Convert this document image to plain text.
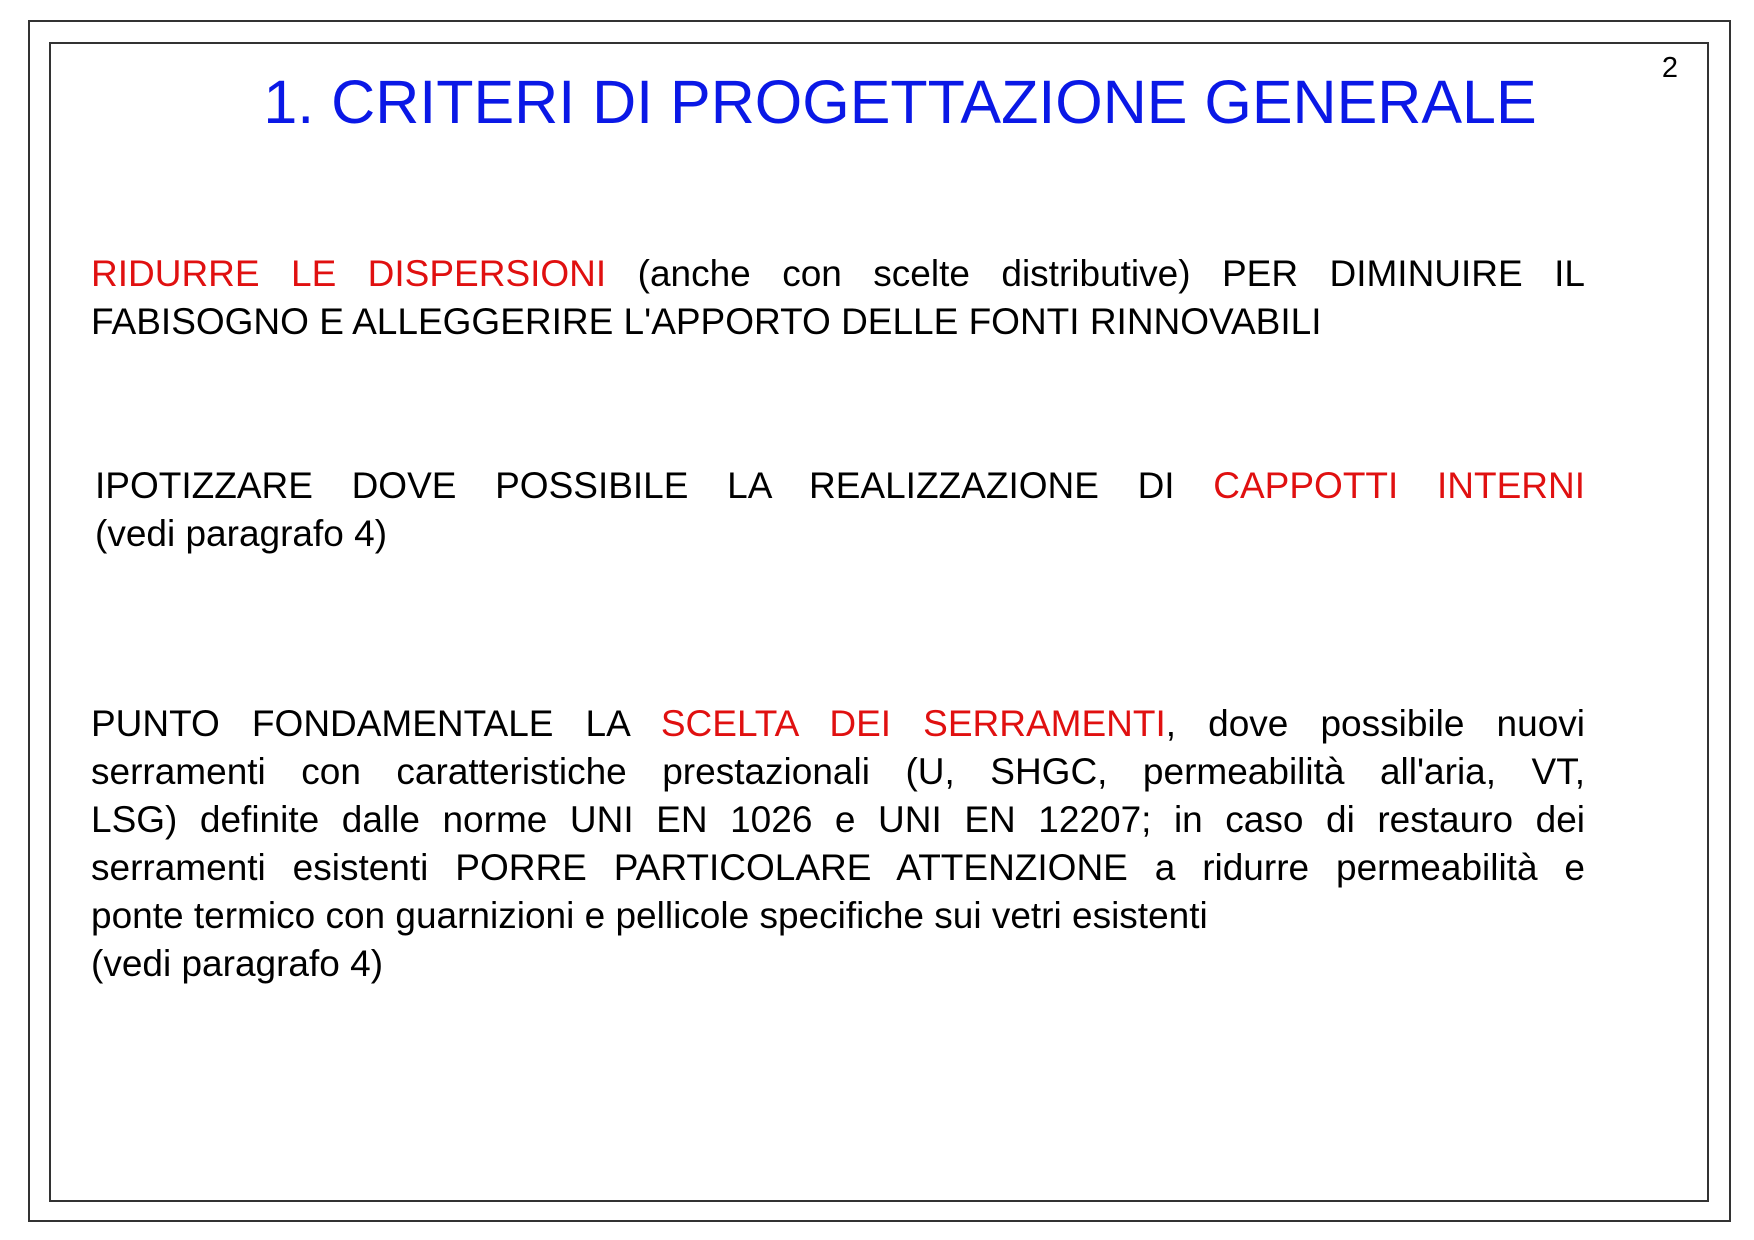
2
1. CRITERI DI PROGETTAZIONE GENERALE
RIDURRE LE DISPERSIONI (anche con scelte distributive) PER DIMINUIRE IL
FABISOGNO E ALLEGGERIRE L'APPORTO DELLE FONTI RINNOVABILI
IPOTIZZARE DOVE POSSIBILE LA REALIZZAZIONE DI CAPPOTTI INTERNI
(vedi paragrafo 4)
PUNTO FONDAMENTALE LA SCELTA DEI SERRAMENTI, dove possibile nuovi
serramenti con caratteristiche prestazionali (U, SHGC, permeabilità all'aria, VT,
LSG) definite dalle norme UNI EN 1026 e UNI EN 12207; in caso di restauro dei
serramenti esistenti PORRE PARTICOLARE ATTENZIONE a ridurre permeabilità e
ponte termico con guarnizioni e pellicole specifiche sui vetri esistenti
(vedi paragrafo 4)
